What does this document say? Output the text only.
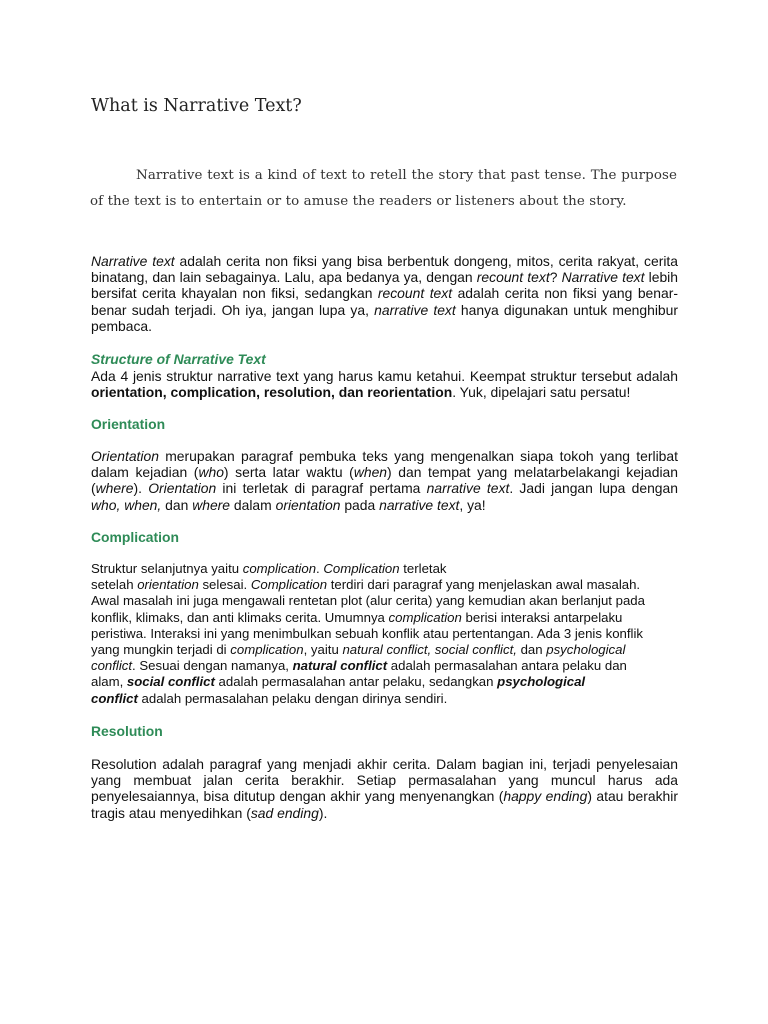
What is Narrative Text?

Narrative text is a kind of text to retell the story that past tense. The purpose of the text is to entertain or to amuse the readers or listeners about the story.

Narrative text adalah cerita non fiksi yang bisa berbentuk dongeng, mitos, cerita rakyat, cerita binatang, dan lain sebagainya. Lalu, apa bedanya ya, dengan recount text? Narrative text lebih bersifat cerita khayalan non fiksi, sedangkan recount text adalah cerita non fiksi yang benar-benar sudah terjadi. Oh iya, jangan lupa ya, narrative text hanya digunakan untuk menghibur pembaca.

Structure of Narrative Text

Ada 4 jenis struktur narrative text yang harus kamu ketahui. Keempat struktur tersebut adalah orientation, complication, resolution, dan reorientation. Yuk, dipelajari satu persatu!

Orientation

Orientation merupakan paragraf pembuka teks yang mengenalkan siapa tokoh yang terlibat dalam kejadian (who) serta latar waktu (when) dan tempat yang melatarbelakangi kejadian (where). Orientation ini terletak di paragraf pertama narrative text. Jadi jangan lupa dengan who, when, dan where dalam orientation pada narrative text, ya!

Complication

Struktur selanjutnya yaitu complication. Complication terletak
setelah orientation selesai. Complication terdiri dari paragraf yang menjelaskan awal masalah.
Awal masalah ini juga mengawali rentetan plot (alur cerita) yang kemudian akan berlanjut pada
konflik, klimaks, dan anti klimaks cerita. Umumnya complication berisi interaksi antarpelaku
peristiwa. Interaksi ini yang menimbulkan sebuah konflik atau pertentangan. Ada 3 jenis konflik
yang mungkin terjadi di complication, yaitu natural conflict, social conflict, dan psychological
conflict. Sesuai dengan namanya, natural conflict adalah permasalahan antara pelaku dan
alam, social conflict adalah permasalahan antar pelaku, sedangkan psychological
conflict adalah permasalahan pelaku dengan dirinya sendiri.

Resolution

Resolution adalah paragraf yang menjadi akhir cerita. Dalam bagian ini, terjadi penyelesaian yang membuat jalan cerita berakhir. Setiap permasalahan yang muncul harus ada penyelesaiannya, bisa ditutup dengan akhir yang menyenangkan (happy ending) atau berakhir tragis atau menyedihkan (sad ending).
